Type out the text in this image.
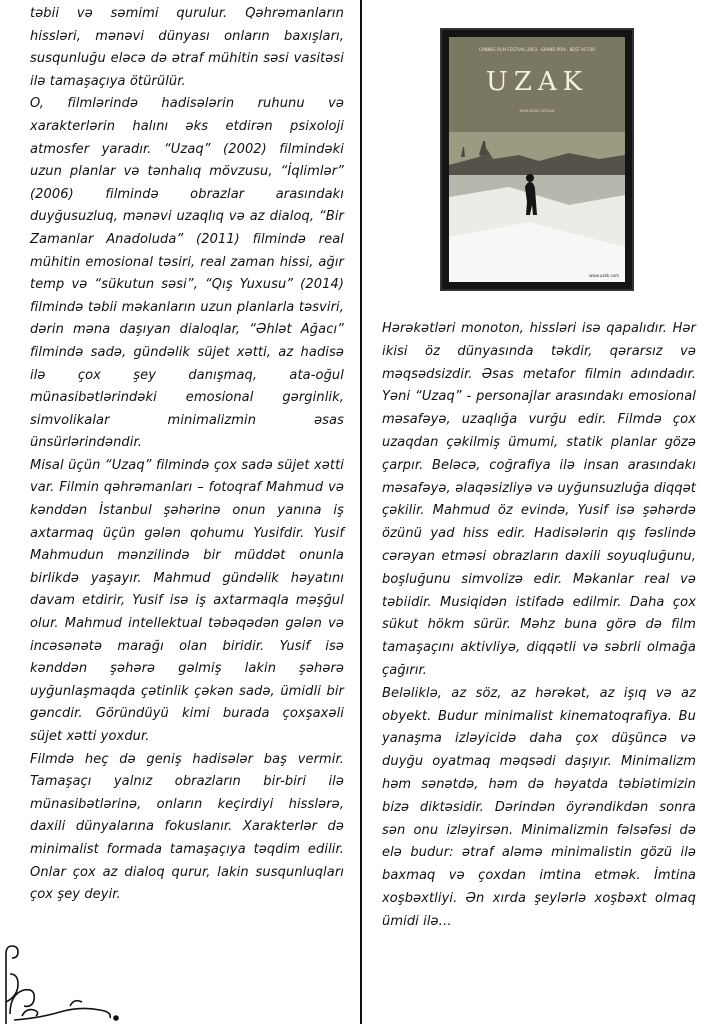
təbii və səmimi qurulur. Qəhrəmanların hissləri, mənəvi dünyası onların baxışları, susqunluğu eləcə də ətraf mühitin səsi vasitəsi ilə tamaşaçıya ötürülür.

O, filmlərində hadisələrin ruhunu və xarakterlərin halını əks etdirən psixoloji atmosfer yaradır. “Uzaq” (2002) filmindəki uzun planlar və tənhalıq mövzusu, “İqlimlər” (2006) filmində obrazlar arasındakı duyğusuzluq, mənəvi uzaqlıq və az dialoq, “Bir Zamanlar Anadoluda” (2011) filmində real mühitin emosional təsiri, real zaman hissi, ağır temp və “sükutun səsi”, “Qış Yuxusu” (2014) filmində təbii məkanların uzun planlarla təsviri, dərin məna daşıyan dialoqlar, “Əhlət Ağacı” filmində sadə, gündəlik süjet xətti, az hadisə ilə çox şey danışmaq, ata-oğul münasibətlərindəki emosional gərginlik, simvolikalar minimalizmin əsas ünsürlərindəndir.

Misal üçün “Uzaq” filmində çox sadə süjet xətti var. Filmin qəhrəmanları – fotoqraf Mahmud və kənddən İstanbul şəhərinə onun yanına iş axtarmaq üçün gələn qohumu Yusifdir. Yusif Mahmudun mənzilində bir müddət onunla birlikdə yaşayır. Mahmud gündəlik həyatını davam etdirir, Yusif isə iş axtarmaqla məşğul olur. Mahmud intellektual təbəqədən gələn və incəsənətə marağı olan biridir. Yusif isə kənddən şəhərə gəlmiş lakin şəhərə uyğunlaşmaqda çətinlik çəkən sadə, ümidli bir gəncdir. Göründüyü kimi burada çoxşaxəli süjet xətti yoxdur.

Filmdə heç də geniş hadisələr baş vermir. Tamaşaçı yalnız obrazların bir-biri ilə münasibətlərinə, onların keçirdiyi hisslərə, daxili dünyalarına fokuslanır. Xarakterlər də minimalist formada tamaşaçıya təqdim edilir. Onlar çox az dialoq qurur, lakin susqunluqları çox şey deyir.

CANNES FILM FESTIVAL 2003 · GRAND PRIX · BEST ACTOR
UZAK
NURİ BİLGE CEYLAN
www.uzak.com

Hərəkətləri monoton, hissləri isə qapalıdır. Hər ikisi öz dünyasında təkdir, qərarsız və məqsədsizdir. Əsas metafor filmin adındadır. Yəni “Uzaq” - personajlar arasındakı emosional məsafəyə, uzaqlığa vurğu edir. Filmdə çox uzaqdan çəkilmiş ümumi, statik planlar gözə çarpır. Beləcə, coğrafiya ilə insan arasındakı məsafəyə, əlaqəsizliyə və uyğunsuzluğa diqqət çəkilir. Mahmud öz evində, Yusif isə şəhərdə özünü yad hiss edir. Hadisələrin qış fəslində cərəyan etməsi obrazların daxili soyuqluğunu, boşluğunu simvolizə edir. Məkanlar real və təbiidir. Musiqidən istifadə edilmir. Daha çox sükut hökm sürür. Məhz buna görə də film tamaşaçını aktivliyə, diqqətli və səbrli olmağa çağırır.

Beləliklə, az söz, az hərəkət, az işıq və az obyekt. Budur minimalist kinematoqrafiya. Bu yanaşma izləyicidə daha çox düşüncə və duyğu oyatmaq məqsədi daşıyır. Minimalizm həm sənətdə, həm də həyatda təbiətimizin bizə diktəsidir. Dərindən öyrəndikdən sonra sən onu izləyirsən. Minimalizmin fəlsəfəsi də elə budur: ətraf aləmə minimalistin gözü ilə baxmaq və çoxdan imtina etmək. İmtina xoşbəxtliyi. Ən xırda şeylərlə xoşbəxt olmaq ümidi ilə…
